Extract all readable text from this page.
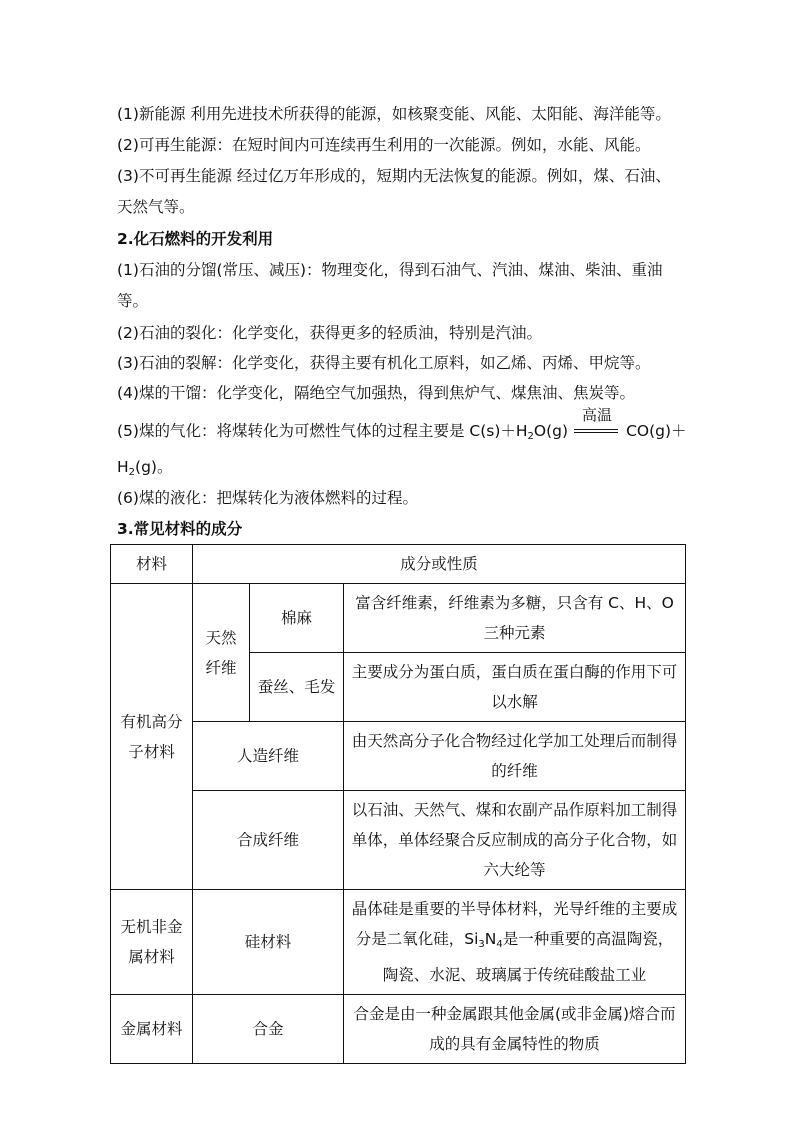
(1)新能源 利用先进技术所获得的能源，如核聚变能、风能、太阳能、海洋能等。
(2)可再生能源：在短时间内可连续再生利用的一次能源。例如，水能、风能。
(3)不可再生能源 经过亿万年形成的，短期内无法恢复的能源。例如，煤、石油、
天然气等。
2.化石燃料的开发利用
(1)石油的分馏(常压、减压)：物理变化，得到石油气、汽油、煤油、柴油、重油
等。
(2)石油的裂化：化学变化，获得更多的轻质油，特别是汽油。
(3)石油的裂解：化学变化，获得主要有机化工原料，如乙烯、丙烯、甲烷等。
(4)煤的干馏：化学变化，隔绝空气加强热，得到焦炉气、煤焦油、焦炭等。
(5)煤的气化：将煤转化为可燃性气体的过程主要是 $C(s)+H_2O(g)$	CO(g)＋
高温
$H_2(g)$。
(6)煤的液化：把煤转化为液体燃料的过程。
3.常见材料的成分
材料	成分或性质		
有机高分子材料	天然纤维	棉麻	富含纤维素，纤维素为多糖，只含有 C、H、O 三种元素
		蚕丝、毛发	主要成分为蛋白质，蛋白质在蛋白酶的作用下可以水解
	人造纤维		由天然高分子化合物经过化学加工处理后而制得的纤维
	合成纤维		以石油、天然气、煤和农副产品作原料加工制得单体，单体经聚合反应制成的高分子化合物，如六大纶等
无机非金属材料	硅材料		晶体硅是重要的半导体材料，光导纤维的主要成分是二氧化硅，$Si_3N_4$是一种重要的高温陶瓷，陶瓷、水泥、玻璃属于传统硅酸盐工业
金属材料	合金		合金是由一种金属跟其他金属(或非金属)熔合而成的具有金属特性的物质
